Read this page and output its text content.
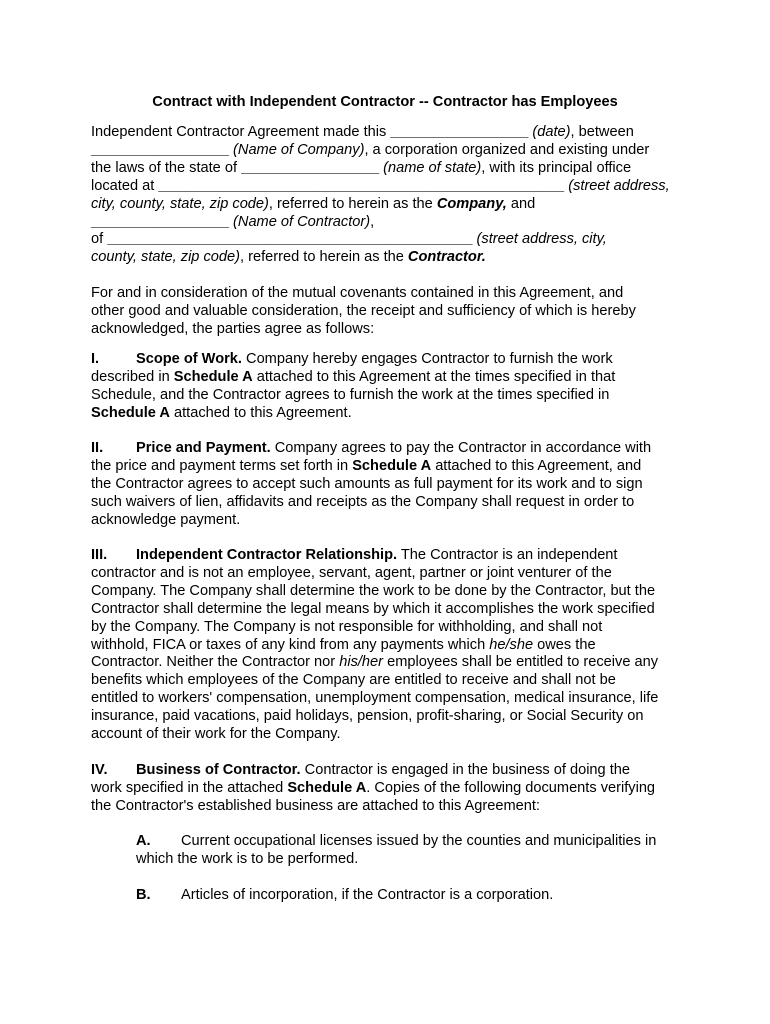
Contract with Independent Contractor -- Contractor has Employees
Independent Contractor Agreement made this _________________ (date), between
_________________ (Name of Company), a corporation organized and existing under
the laws of the state of _________________ (name of state), with its principal office
located at __________________________________________________ (street address,
city, county, state, zip code), referred to herein as the Company, and
_________________ (Name of Contractor),
of _____________________________________________ (street address, city,
county, state, zip code), referred to herein as the Contractor.
For and in consideration of the mutual covenants contained in this Agreement, and
other good and valuable consideration, the receipt and sufficiency of which is hereby
acknowledged, the parties agree as follows:
I.	Scope of Work. Company hereby engages Contractor to furnish the work
described in Schedule A attached to this Agreement at the times specified in that
Schedule, and the Contractor agrees to furnish the work at the times specified in
Schedule A attached to this Agreement.
II. Price and Payment. Company agrees to pay the Contractor in accordance with
the price and payment terms set forth in Schedule A attached to this Agreement, and
the Contractor agrees to accept such amounts as full payment for its work and to sign
such waivers of lien, affidavits and receipts as the Company shall request in order to
acknowledge payment.
III. Independent Contractor Relationship. The Contractor is an independent
contractor and is not an employee, servant, agent, partner or joint venturer of the
Company. The Company shall determine the work to be done by the Contractor, but the
Contractor shall determine the legal means by which it accomplishes the work specified
by the Company. The Company is not responsible for withholding, and shall not
withhold, FICA or taxes of any kind from any payments which he/she owes the
Contractor. Neither the Contractor nor his/her employees shall be entitled to receive any
benefits which employees of the Company are entitled to receive and shall not be
entitled to workers' compensation, unemployment compensation, medical insurance, life
insurance, paid vacations, paid holidays, pension, profit-sharing, or Social Security on
account of their work for the Company.
IV. Business of Contractor. Contractor is engaged in the business of doing the
work specified in the attached Schedule A. Copies of the following documents verifying
the Contractor's established business are attached to this Agreement:
A. Current occupational licenses issued by the counties and municipalities in
which the work is to be performed.
B. Articles of incorporation, if the Contractor is a corporation.
